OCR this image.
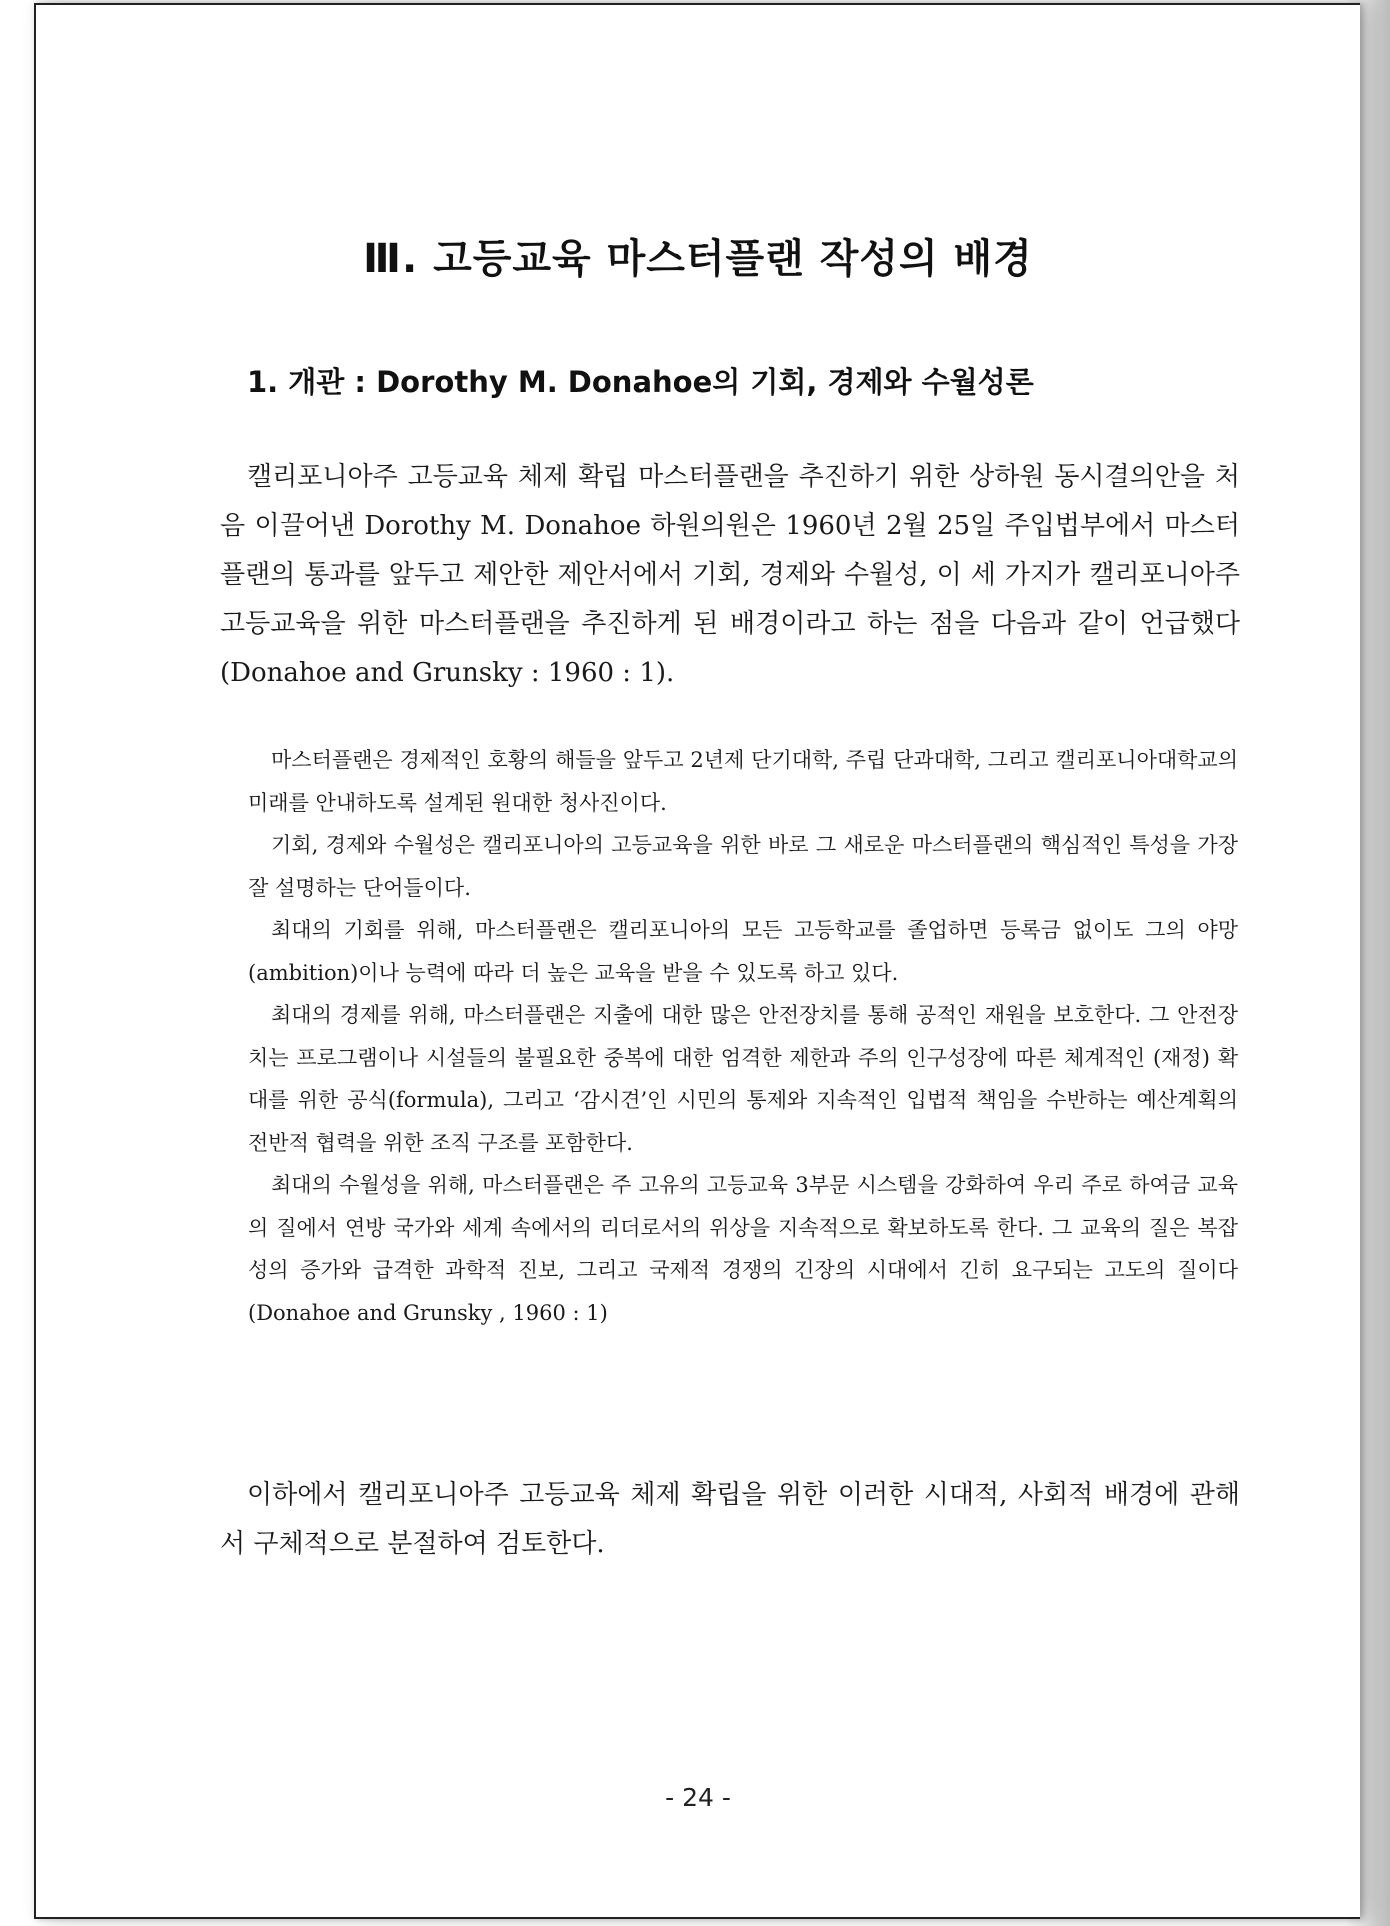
Ⅲ. 고등교육 마스터플랜 작성의 배경
1. 개관 : Dorothy M. Donahoe의 기회, 경제와 수월성론

캘리포니아주 고등교육 체제 확립 마스터플랜을 추진하기 위한 상하원 동시결의안을 처음 이끌어낸 Dorothy M. Donahoe 하원의원은 1960년 2월 25일 주입법부에서 마스터플랜의 통과를 앞두고 제안한 제안서에서 기회, 경제와 수월성, 이 세 가지가 캘리포니아주 고등교육을 위한 마스터플랜을 추진하게 된 배경이라고 하는 점을 다음과 같이 언급했다(Donahoe and Grunsky : 1960 : 1).

마스터플랜은 경제적인 호황의 해들을 앞두고 2년제 단기대학, 주립 단과대학, 그리고 캘리포니아대학교의 미래를 안내하도록 설계된 원대한 청사진이다.

기회, 경제와 수월성은 캘리포니아의 고등교육을 위한 바로 그 새로운 마스터플랜의 핵심적인 특성을 가장 잘 설명하는 단어들이다.

최대의 기회를 위해, 마스터플랜은 캘리포니아의 모든 고등학교를 졸업하면 등록금 없이도 그의 야망(ambition)이나 능력에 따라 더 높은 교육을 받을 수 있도록 하고 있다.

최대의 경제를 위해, 마스터플랜은 지출에 대한 많은 안전장치를 통해 공적인 재원을 보호한다. 그 안전장치는 프로그램이나 시설들의 불필요한 중복에 대한 엄격한 제한과 주의 인구성장에 따른 체계적인 (재정) 확대를 위한 공식(formula), 그리고 ‘감시견’인 시민의 통제와 지속적인 입법적 책임을 수반하는 예산계획의 전반적 협력을 위한 조직 구조를 포함한다.

최대의 수월성을 위해, 마스터플랜은 주 고유의 고등교육 3부문 시스템을 강화하여 우리 주로 하여금 교육의 질에서 연방 국가와 세계 속에서의 리더로서의 위상을 지속적으로 확보하도록 한다. 그 교육의 질은 복잡성의 증가와 급격한 과학적 진보, 그리고 국제적 경쟁의 긴장의 시대에서 긴히 요구되는 고도의 질이다(Donahoe and Grunsky , 1960 : 1)

이하에서 캘리포니아주 고등교육 체제 확립을 위한 이러한 시대적, 사회적 배경에 관해서 구체적으로 분절하여 검토한다.

- 24 -
